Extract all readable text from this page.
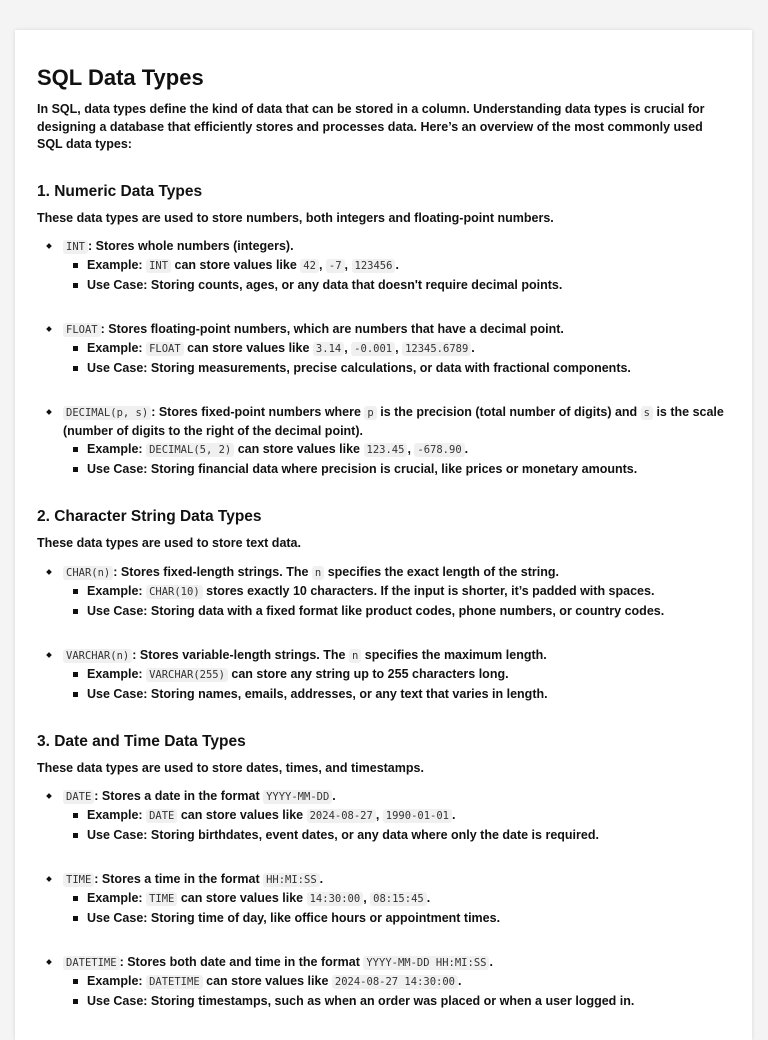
SQL Data Types

In SQL, data types define the kind of data that can be stored in a column. Understanding data types is crucial for designing a database that efficiently stores and processes data. Here’s an overview of the most commonly used SQL data types:

1. Numeric Data Types

These data types are used to store numbers, both integers and floating-point numbers.

INT : Stores whole numbers (integers).
Example: INT can store values like 42 , -7 , 123456 .
Use Case: Storing counts, ages, or any data that doesn't require decimal points.
FLOAT : Stores floating-point numbers, which are numbers that have a decimal point.
Example: FLOAT can store values like 3.14 , -0.001 , 12345.6789 .
Use Case: Storing measurements, precise calculations, or data with fractional components.
DECIMAL(p, s) : Stores fixed-point numbers where p is the precision (total number of digits) and s is the scale (number of digits to the right of the decimal point).
Example: DECIMAL(5, 2) can store values like 123.45 , -678.90 .
Use Case: Storing financial data where precision is crucial, like prices or monetary amounts.
2. Character String Data Types

These data types are used to store text data.

CHAR(n) : Stores fixed-length strings. The n specifies the exact length of the string.
Example: CHAR(10) stores exactly 10 characters. If the input is shorter, it’s padded with spaces.
Use Case: Storing data with a fixed format like product codes, phone numbers, or country codes.
VARCHAR(n) : Stores variable-length strings. The n specifies the maximum length.
Example: VARCHAR(255) can store any string up to 255 characters long.
Use Case: Storing names, emails, addresses, or any text that varies in length.
3. Date and Time Data Types

These data types are used to store dates, times, and timestamps.

DATE : Stores a date in the format YYYY-MM-DD .
Example: DATE can store values like 2024-08-27 , 1990-01-01 .
Use Case: Storing birthdates, event dates, or any data where only the date is required.
TIME : Stores a time in the format HH:MI:SS .
Example: TIME can store values like 14:30:00 , 08:15:45 .
Use Case: Storing time of day, like office hours or appointment times.
DATETIME : Stores both date and time in the format YYYY-MM-DD HH:MI:SS .
Example: DATETIME can store values like 2024-08-27 14:30:00 .
Use Case: Storing timestamps, such as when an order was placed or when a user logged in.
